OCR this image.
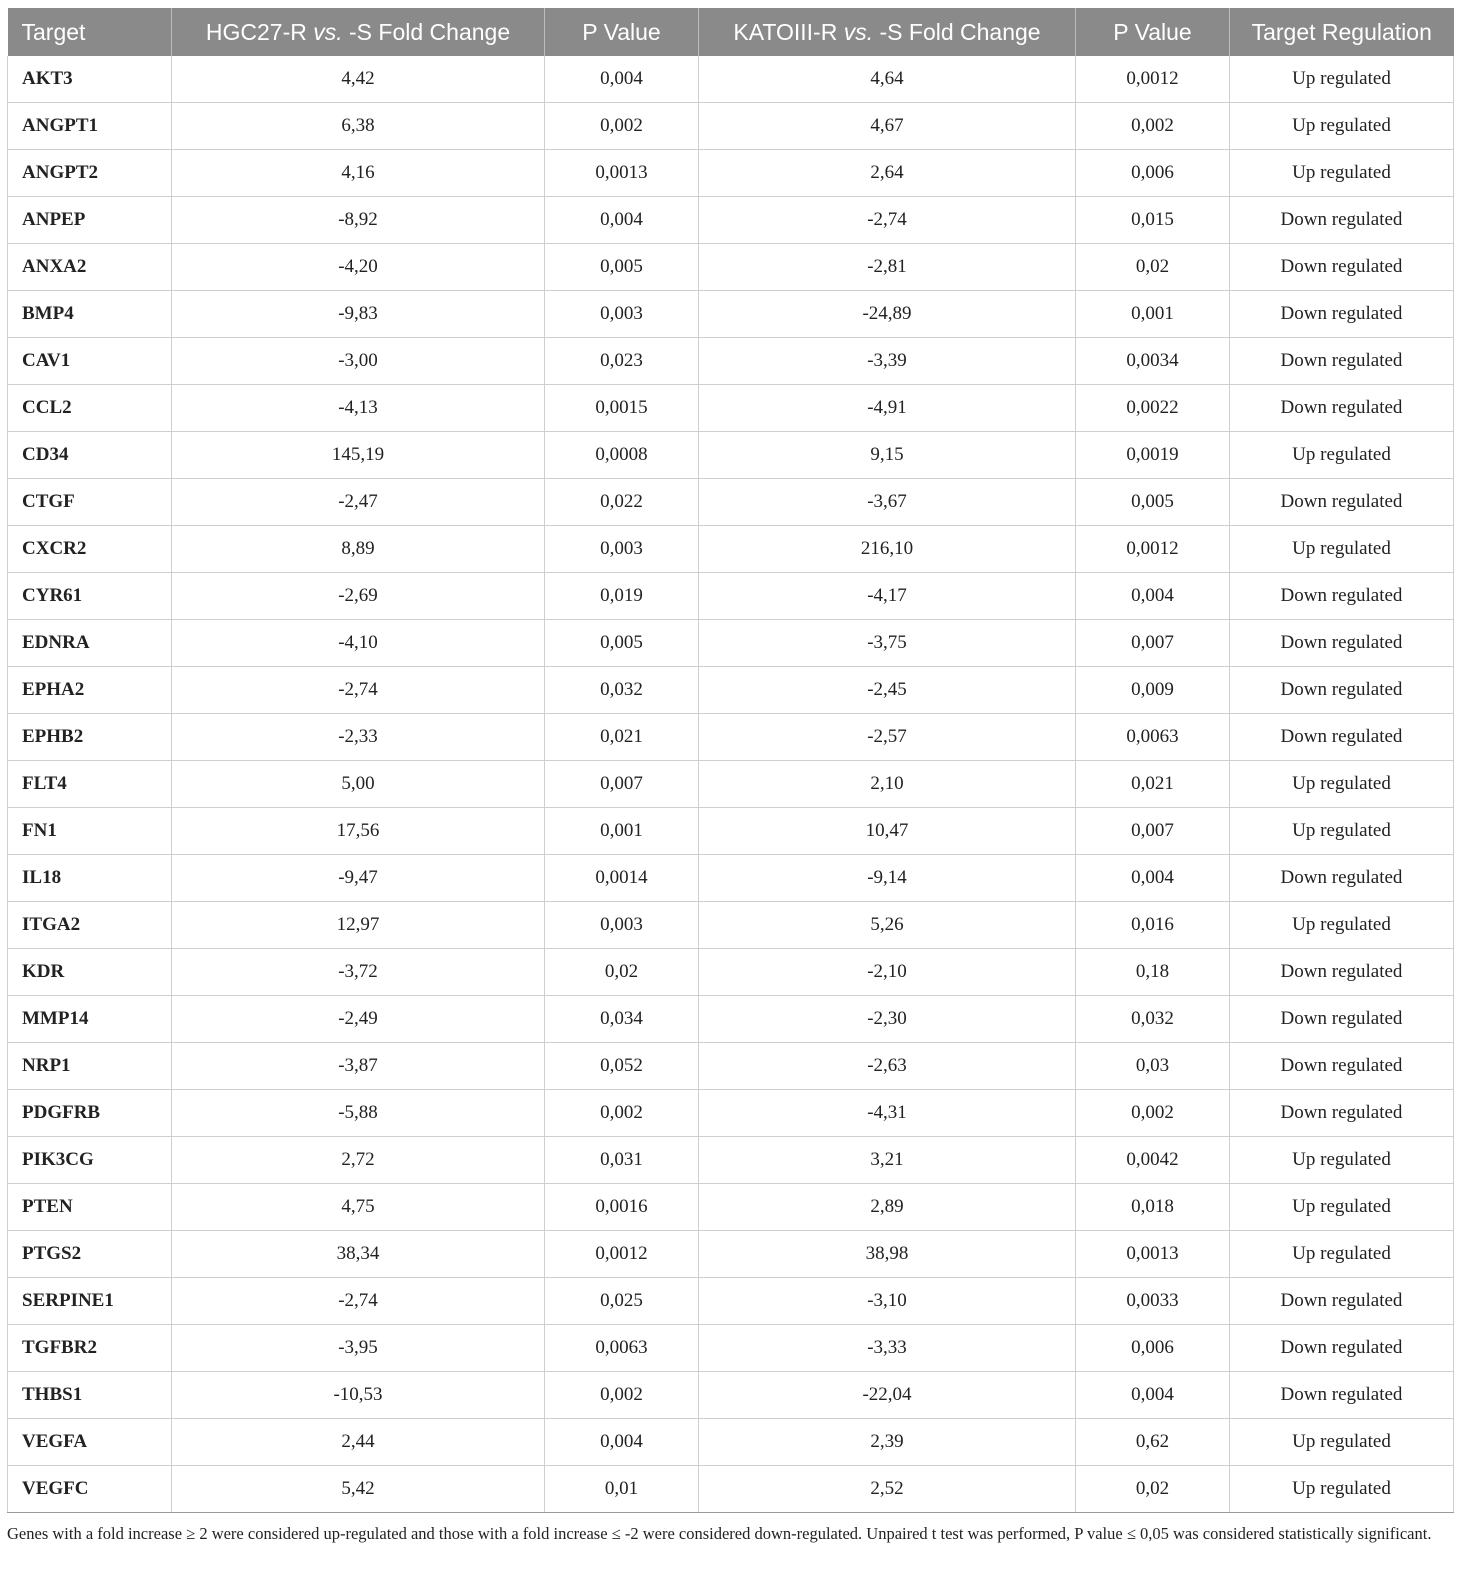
Target	HGC27-R vs. -S Fold Change	P Value	KATOIII-R vs. -S Fold Change	P Value	Target Regulation
AKT3	4,42	0,004	4,64	0,0012	Up regulated
ANGPT1	6,38	0,002	4,67	0,002	Up regulated
ANGPT2	4,16	0,0013	2,64	0,006	Up regulated
ANPEP	-8,92	0,004	-2,74	0,015	Down regulated
ANXA2	-4,20	0,005	-2,81	0,02	Down regulated
BMP4	-9,83	0,003	-24,89	0,001	Down regulated
CAV1	-3,00	0,023	-3,39	0,0034	Down regulated
CCL2	-4,13	0,0015	-4,91	0,0022	Down regulated
CD34	145,19	0,0008	9,15	0,0019	Up regulated
CTGF	-2,47	0,022	-3,67	0,005	Down regulated
CXCR2	8,89	0,003	216,10	0,0012	Up regulated
CYR61	-2,69	0,019	-4,17	0,004	Down regulated
EDNRA	-4,10	0,005	-3,75	0,007	Down regulated
EPHA2	-2,74	0,032	-2,45	0,009	Down regulated
EPHB2	-2,33	0,021	-2,57	0,0063	Down regulated
FLT4	5,00	0,007	2,10	0,021	Up regulated
FN1	17,56	0,001	10,47	0,007	Up regulated
IL18	-9,47	0,0014	-9,14	0,004	Down regulated
ITGA2	12,97	0,003	5,26	0,016	Up regulated
KDR	-3,72	0,02	-2,10	0,18	Down regulated
MMP14	-2,49	0,034	-2,30	0,032	Down regulated
NRP1	-3,87	0,052	-2,63	0,03	Down regulated
PDGFRB	-5,88	0,002	-4,31	0,002	Down regulated
PIK3CG	2,72	0,031	3,21	0,0042	Up regulated
PTEN	4,75	0,0016	2,89	0,018	Up regulated
PTGS2	38,34	0,0012	38,98	0,0013	Up regulated
SERPINE1	-2,74	0,025	-3,10	0,0033	Down regulated
TGFBR2	-3,95	0,0063	-3,33	0,006	Down regulated
THBS1	-10,53	0,002	-22,04	0,004	Down regulated
VEGFA	2,44	0,004	2,39	0,62	Up regulated
VEGFC	5,42	0,01	2,52	0,02	Up regulated
Genes with a fold increase ≥ 2 were considered up-regulated and those with a fold increase ≤ -2 were considered down-regulated. Unpaired t test was performed, P value ≤ 0,05 was considered statistically significant.
